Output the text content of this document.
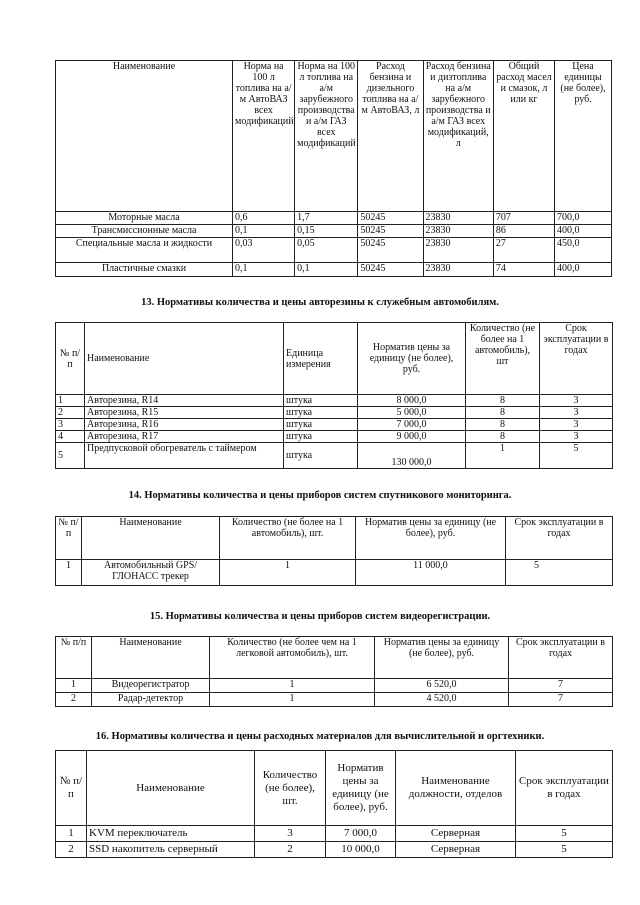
Наименование	Норма на 100 л топлива на а/м АвтоВАЗ всех модификаций	Норма на 100 л топлива на а/м зарубежного производства и а/м ГАЗ всех модификаций	Расход бензина и дизельного топлива на а/м АвтоВАЗ, л	Расход бензина и дизтоплива на а/м зарубежного производства и а/м ГАЗ всех модификаций, л	Общий расход масел и смазок, л или кг	Цена единицы (не более), руб.
Моторные масла	0,6	1,7	50245	23830	707	700,0
Трансмиссионные масла	0,1	0,15	50245	23830	86	400,0
Специальные масла и жидкости	0,03	0,05	50245	23830	27	450,0
Пластичные смазки	0,1	0,1	50245	23830	74	400,0
13. Нормативы количества и цены авторезины к служебным автомобилям.
№ п/п	Наименование	Единица измерения	Норматив цены за единицу (не более), руб.	Количество (не более на 1 автомобиль), шт	Срок эксплуатации в годах
1	Авторезина, R14	штука	8 000,0	8	3
2	Авторезина, R15	штука	5 000,0	8	3
3	Авторезина, R16	штука	7 000,0	8	3
4	Авторезина, R17	штука	9 000,0	8	3
5	Предпусковой обогреватель с таймером	штука	130 000,0	1	5
14. Нормативы количества и цены приборов систем спутникового мониторинга.
№ п/п	Наименование	Количество (не более на 1 автомобиль), шт.	Норматив цены за единицу (не более), руб.	Срок эксплуатации в годах
1	Автомобильный GPS/ГЛОНАСС трекер	1	11 000,0	5
15. Нормативы количества и цены приборов систем видеорегистрации.
№ п/п	Наименование	Количество (не более чем на 1 легковой автомобиль), шт.	Норматив цены за единицу (не более), руб.	Срок эксплуатации в годах
1	Видеорегистратор	1	6 520,0	7
2	Радар-детектор	1	4 520,0	7
16. Нормативы количества и цены расходных материалов для вычислительной и оргтехники.
№ п/п	Наименование	Количество (не более), шт.	Норматив цены за единицу (не более), руб.	Наименование должности, отделов	Срок эксплуатации в годах
1	KVM переключатель	3	7 000,0	Серверная	5
2	SSD накопитель серверный	2	10 000,0	Серверная	5
